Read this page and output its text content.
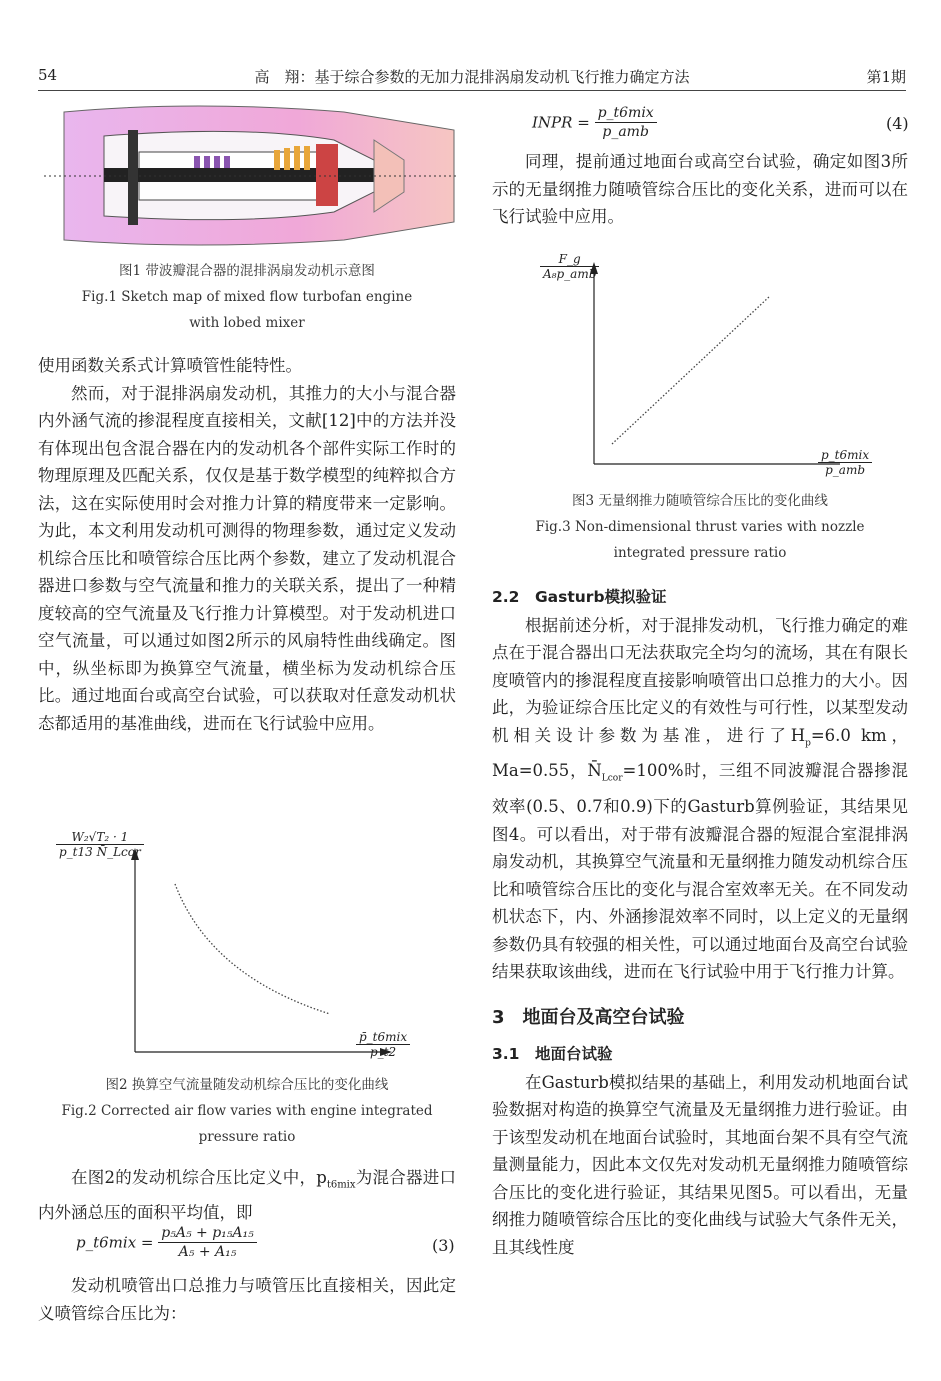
54	高　翔：基于综合参数的无加力混排涡扇发动机飞行推力确定方法	第1期
图1 带波瓣混合器的混排涡扇发动机示意图
Fig.1 Sketch map of mixed flow turbofan engine
with lobed mixer

使用函数关系式计算喷管性能特性。

然而，对于混排涡扇发动机，其推力的大小与混合器内外涵气流的掺混程度直接相关，文献[12]中的方法并没有体现出包含混合器在内的发动机各个部件实际工作时的物理原理及匹配关系，仅仅是基于数学模型的纯粹拟合方法，这在实际使用时会对推力计算的精度带来一定影响。为此，本文利用发动机可测得的物理参数，通过定义发动机综合压比和喷管综合压比两个参数，建立了发动机混合器进口参数与空气流量和推力的关联关系，提出了一种精度较高的空气流量及飞行推力计算模型。对于发动机进口空气流量，可以通过如图2所示的风扇特性曲线确定。图中，纵坐标即为换算空气流量，横坐标为发动机综合压比。通过地面台或高空台试验，可以获取对任意发动机状态都适用的基准曲线，进而在飞行试验中应用。

$\frac{\text{W₂√T₂ · 1}}{\text{p\_t13 N̄\_Lcor}}$
$\frac{\text{p̄\_t6mix}}{p\_t2}$
图2 换算空气流量随发动机综合压比的变化曲线
Fig.2 Corrected air flow varies with engine integrated
pressure ratio

在图2的发动机综合压比定义中，$p_{t6mix}$为混合器进口内外涵总压的面积平均值，即

p_t6mix = $\frac{\text{p₅A₅ + p₁₅A₁₅}}{\text{A₅ + A₁₅}}$	(3)

发动机喷管出口总推力与喷管压比直接相关，因此定义喷管综合压比为：

INPR = $\frac{\text{p\_t6mix}}{\text{p\_amb}}$	(4)

同理，提前通过地面台或高空台试验，确定如图3所示的无量纲推力随喷管综合压比的变化关系，进而可以在飞行试验中应用。

$\frac{F\_g}{\text{A₈p\_amb}}$
$\frac{\text{p\_t6mix}}{\text{p\_amb}}$
图3 无量纲推力随喷管综合压比的变化曲线
Fig.3 Non-dimensional thrust varies with nozzle
integrated pressure ratio

2.2　Gasturb模拟验证

根据前述分析，对于混排发动机，飞行推力确定的难点在于混合器出口无法获取完全均匀的流场，其在有限长度喷管内的掺混程度直接影响喷管出口总推力的大小。因此，为验证综合压比定义的有效性与可行性，以某型发动机相关设计参数为基准，进行了$H_p=6.0$ km，Ma=0.55，$N̄_{Lcor}=100\%$时，三组不同波瓣混合器掺混效率(0.5、0.7和0.9)下的Gasturb算例验证，其结果见图4。可以看出，对于带有波瓣混合器的短混合室混排涡扇发动机，其换算空气流量和无量纲推力随发动机综合压比和喷管综合压比的变化与混合室效率无关。在不同发动机状态下，内、外涵掺混效率不同时，以上定义的无量纲参数仍具有较强的相关性，可以通过地面台及高空台试验结果获取该曲线，进而在飞行试验中用于飞行推力计算。

3　地面台及高空台试验

3.1　地面台试验

在Gasturb模拟结果的基础上，利用发动机地面台试验数据对构造的换算空气流量及无量纲推力进行验证。由于该型发动机在地面台试验时，其地面台架不具有空气流量测量能力，因此本文仅先对发动机无量纲推力随喷管综合压比的变化进行验证，其结果见图5。可以看出，无量纲推力随喷管综合压比的变化曲线与试验大气条件无关，且其线性度
